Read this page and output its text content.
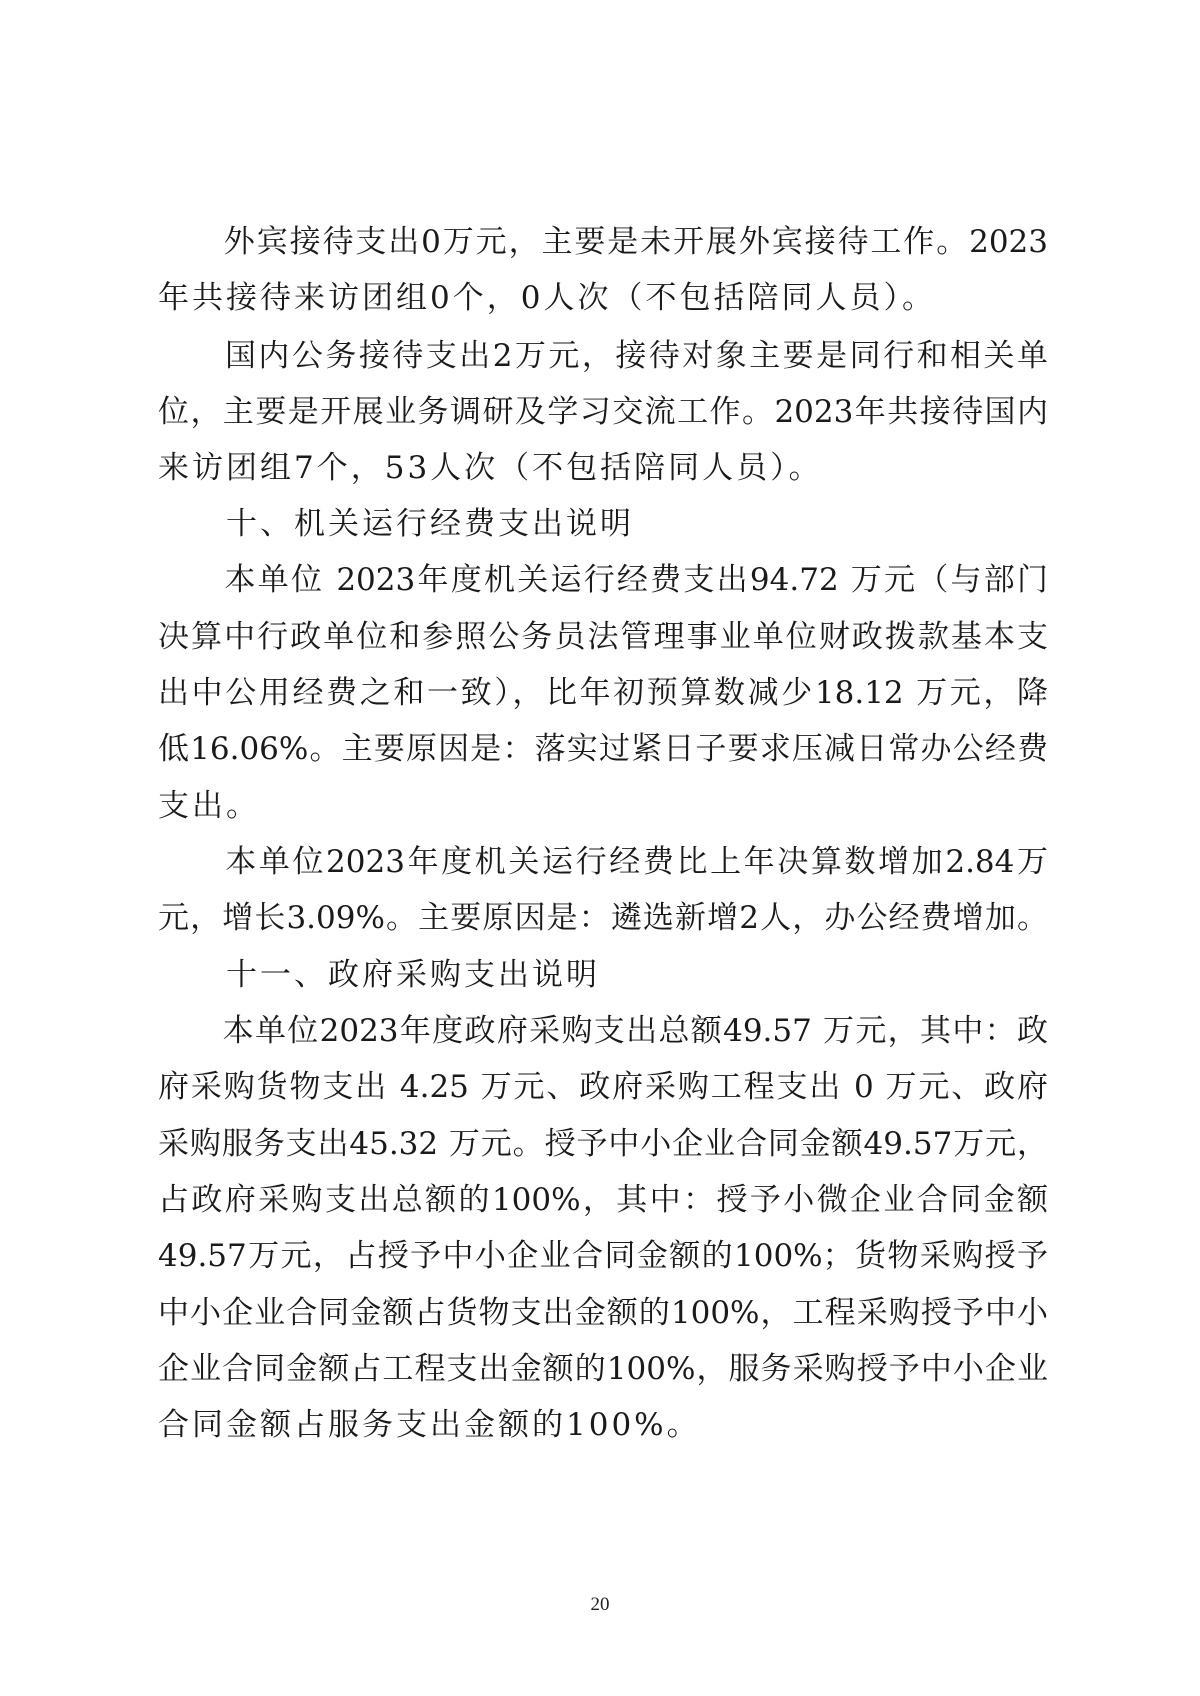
　　外宾接待支出0万元，主要是未开展外宾接待工作。2023
年共接待来访团组0个，0人次（不包括陪同人员）。
　　国内公务接待支出2万元，接待对象主要是同行和相关单
位，主要是开展业务调研及学习交流工作。2023年共接待国内
来访团组7个，53人次（不包括陪同人员）。
　　十、机关运行经费支出说明
　　本单位 2023年度机关运行经费支出94.72 万元（与部门
决算中行政单位和参照公务员法管理事业单位财政拨款基本支
出中公用经费之和一致），比年初预算数减少18.12 万元，降
低16.06%。主要原因是：落实过紧日子要求压减日常办公经费
支出。
　　本单位2023年度机关运行经费比上年决算数增加2.84万
元，增长3.09%。主要原因是：遴选新增2人，办公经费增加。
　　十一、政府采购支出说明
　　本单位2023年度政府采购支出总额49.57 万元，其中：政
府采购货物支出 4.25 万元、政府采购工程支出 0 万元、政府
采购服务支出45.32 万元。授予中小企业合同金额49.57万元，
占政府采购支出总额的100%，其中：授予小微企业合同金额
49.57万元，占授予中小企业合同金额的100%；货物采购授予
中小企业合同金额占货物支出金额的100%，工程采购授予中小
企业合同金额占工程支出金额的100%，服务采购授予中小企业
合同金额占服务支出金额的100%。
20
